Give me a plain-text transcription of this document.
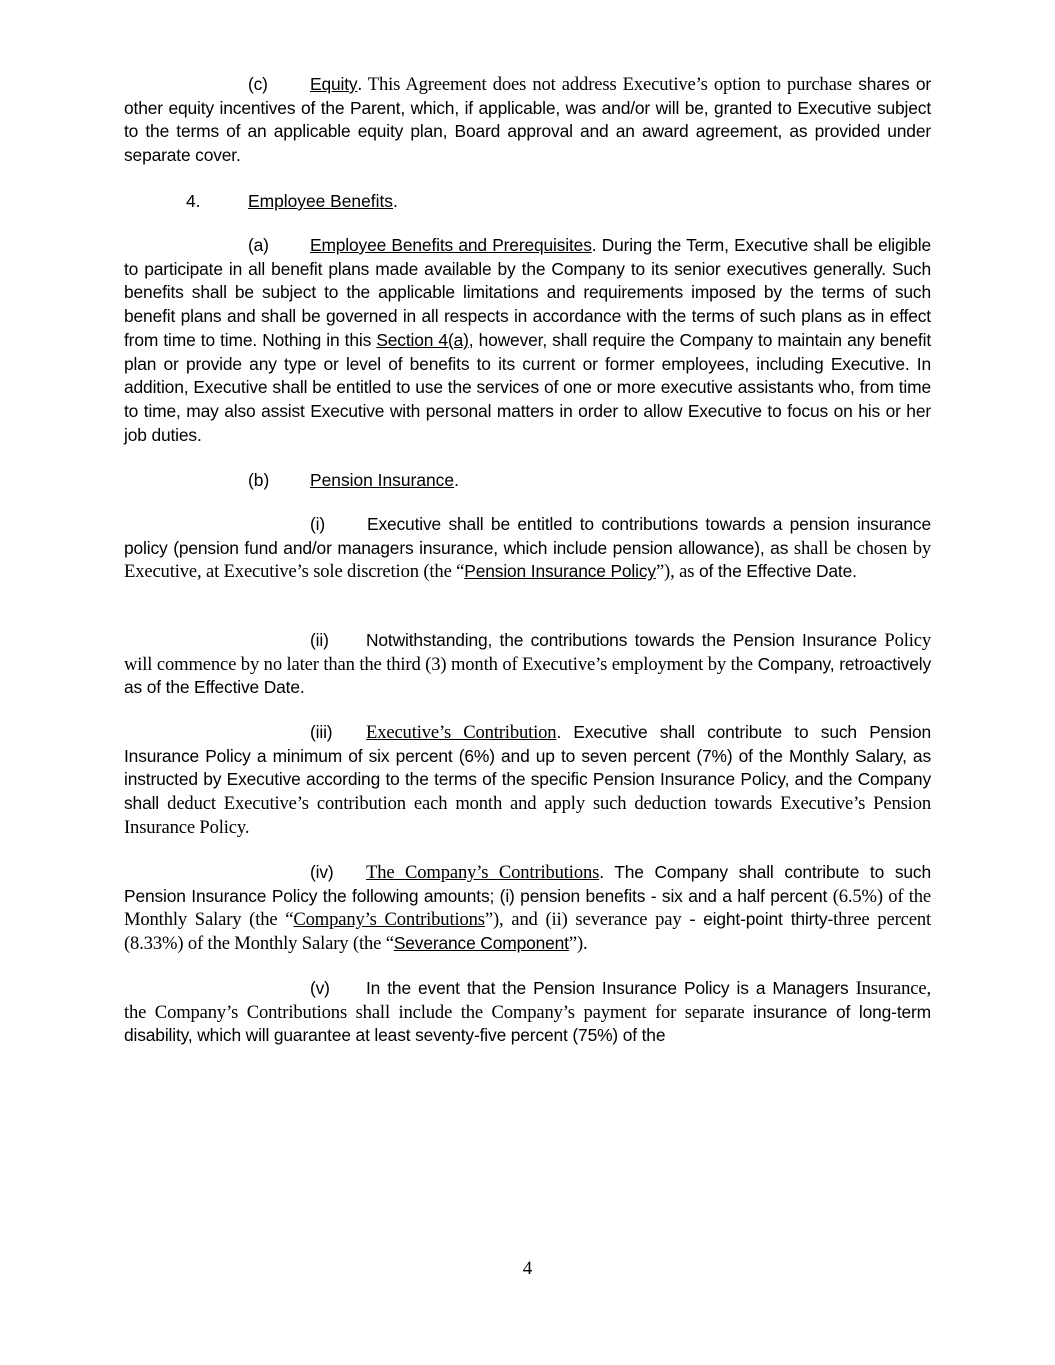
(c) Equity. This Agreement does not address Executive’s option to purchase shares or other equity incentives of the Parent, which, if applicable, was and/or will be, granted to Executive subject to the terms of an applicable equity plan, Board approval and an award agreement, as provided under separate cover.

4.	Employee Benefits.

(a) Employee Benefits and Prerequisites. During the Term, Executive shall be eligible to participate in all benefit plans made available by the Company to its senior executives generally. Such benefits shall be subject to the applicable limitations and requirements imposed by the terms of such benefit plans and shall be governed in all respects in accordance with the terms of such plans as in effect from time to time. Nothing in this Section 4(a), however, shall require the Company to maintain any benefit plan or provide any type or level of benefits to its current or former employees, including Executive. In addition, Executive shall be entitled to use the services of one or more executive assistants who, from time to time, may also assist Executive with personal matters in order to allow Executive to focus on his or her job duties.

(b) Pension Insurance.

(i) Executive shall be entitled to contributions towards a pension insurance policy (pension fund and/or managers insurance, which include pension allowance), as shall be chosen by Executive, at Executive’s sole discretion (the “Pension Insurance Policy”), as of the Effective Date.

(ii) Notwithstanding, the contributions towards the Pension Insurance Policy will commence by no later than the third (3) month of Executive’s employment by the Company, retroactively as of the Effective Date.

(iii) Executive’s Contribution. Executive shall contribute to such Pension Insurance Policy a minimum of six percent (6%) and up to seven percent (7%) of the Monthly Salary, as instructed by Executive according to the terms of the specific Pension Insurance Policy, and the Company shall deduct Executive’s contribution each month and apply such deduction towards Executive’s Pension Insurance Policy.

(iv) The Company’s Contributions. The Company shall contribute to such Pension Insurance Policy the following amounts; (i) pension benefits - six and a half percent (6.5%) of the Monthly Salary (the “Company’s Contributions”), and (ii) severance pay - eight-point thirty-three percent (8.33%) of the Monthly Salary (the “Severance Component”).

(v) In the event that the Pension Insurance Policy is a Managers Insurance, the Company’s Contributions shall include the Company’s payment for separate insurance of long-term disability, which will guarantee at least seventy-five percent (75%) of the

4
